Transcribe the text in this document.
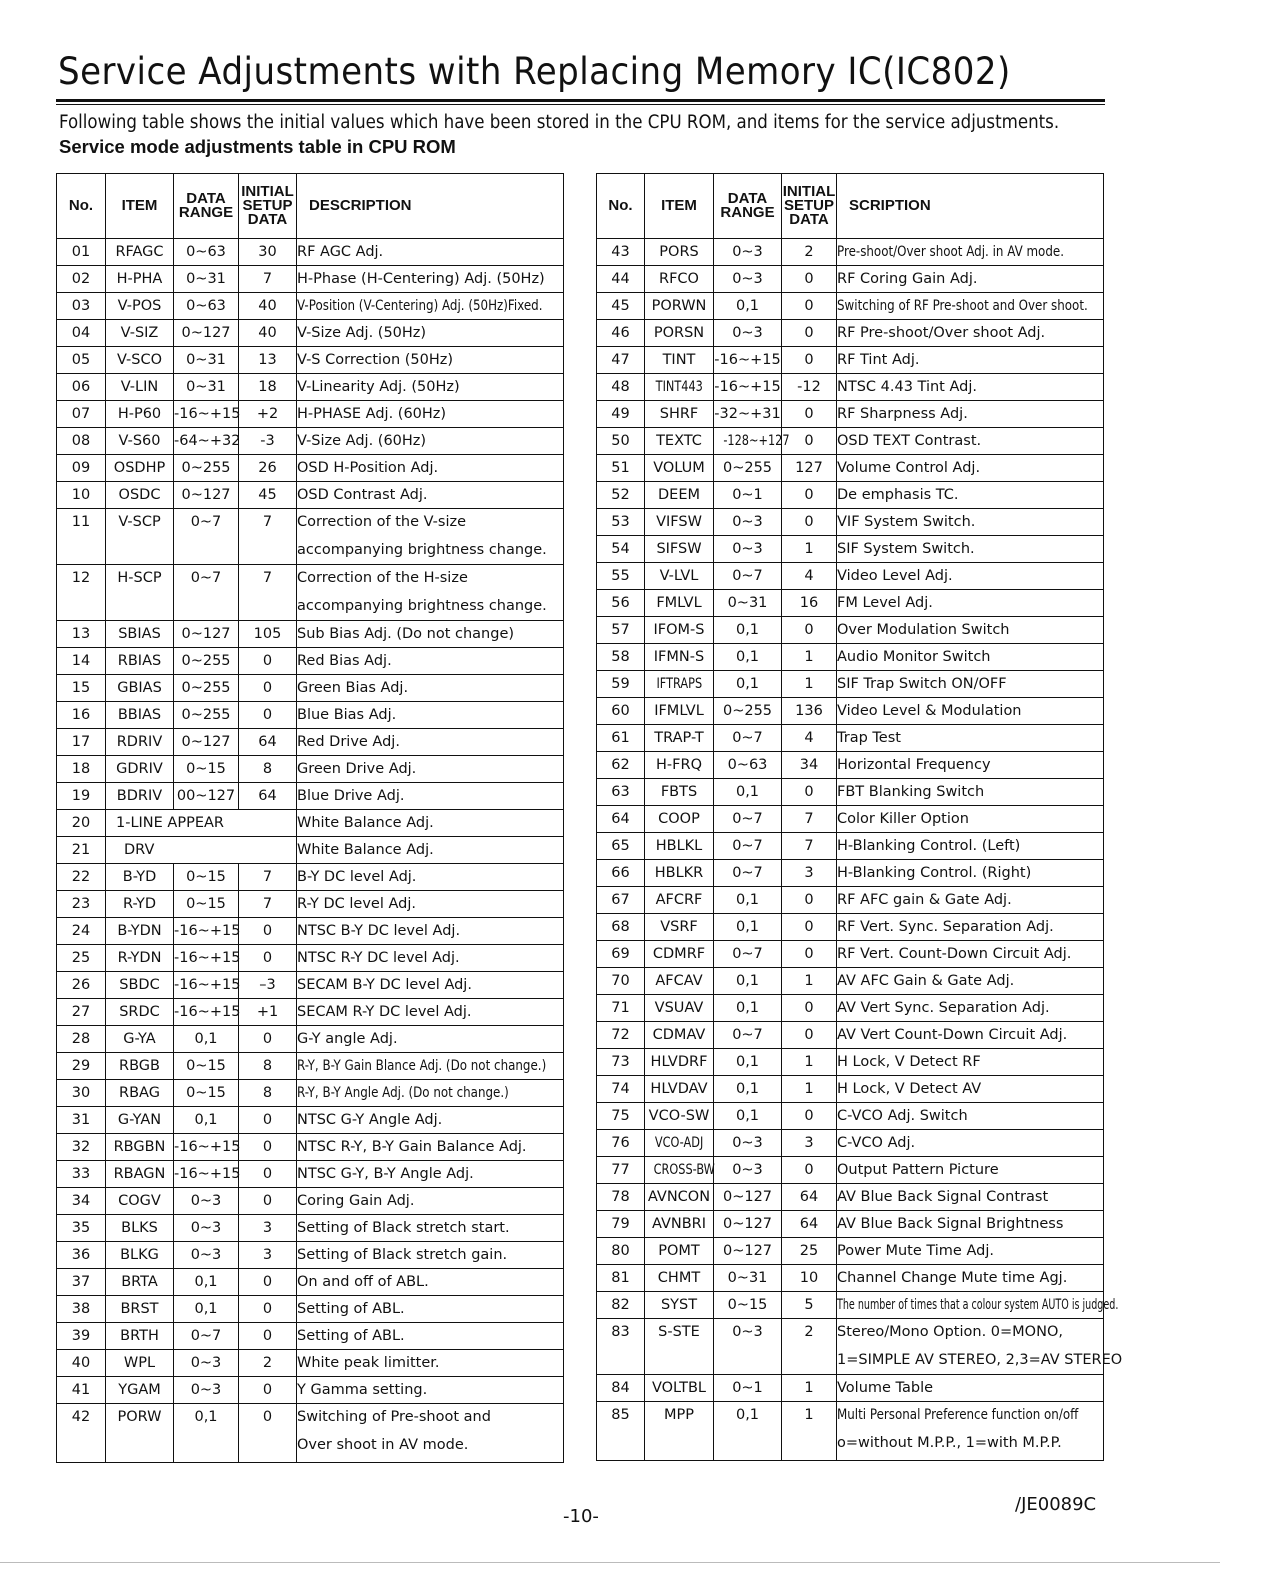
Service Adjustments with Replacing Memory IC(IC802)
Following table shows the initial values which have been stored in the CPU ROM, and items for the service adjustments.
Service mode adjustments table in CPU ROM
No.	ITEM	DATA RANGE	INITIAL SETUP DATA	DESCRIPTION
01	RFAGC	0~63	30	RF AGC Adj.

02	H-PHA	0~31	7	H-Phase (H-Centering) Adj. (50Hz)

03	V-POS	0~63	40	V-Position (V-Centering) Adj. (50Hz)Fixed.

04	V-SIZ	0~127	40	V-Size Adj. (50Hz)

05	V-SCO	0~31	13	V-S Correction (50Hz)

06	V-LIN	0~31	18	V-Linearity Adj. (50Hz)

07	H-P60	-16~+15	+2	H-PHASE Adj. (60Hz)

08	V-S60	-64~+32	-3	V-Size Adj. (60Hz)

09	OSDHP	0~255	26	OSD H-Position Adj.

10	OSDC	0~127	45	OSD Contrast Adj.

11	V-SCP	0~7	7	Correction of the V-size
accompanying brightness change.

12	H-SCP	0~7	7	Correction of the H-size
accompanying brightness change.

13	SBIAS	0~127	105	Sub Bias Adj. (Do not change)

14	RBIAS	0~255	0	Red Bias Adj.

15	GBIAS	0~255	0	Green Bias Adj.

16	BBIAS	0~255	0	Blue Bias Adj.

17	RDRIV	0~127	64	Red Drive Adj.

18	GDRIV	0~15	8	Green Drive Adj.

19	BDRIV	00~127	64	Blue Drive Adj.

20	1-LINE APPEAR			White Balance Adj.

21	DRV			White Balance Adj.

22	B-YD	0~15	7	B-Y DC level Adj.

23	R-YD	0~15	7	R-Y DC level Adj.

24	B-YDN	-16~+15	0	NTSC B-Y DC level Adj.

25	R-YDN	-16~+15	0	NTSC R-Y DC level Adj.

26	SBDC	-16~+15	–3	SECAM B-Y DC level Adj.

27	SRDC	-16~+15	+1	SECAM R-Y DC level Adj.

28	G-YA	0,1	0	G-Y angle Adj.

29	RBGB	0~15	8	R-Y, B-Y Gain Blance Adj. (Do not change.)

30	RBAG	0~15	8	R-Y, B-Y Angle Adj. (Do not change.)

31	G-YAN	0,1	0	NTSC G-Y Angle Adj.

32	RBGBN	-16~+15	0	NTSC R-Y, B-Y Gain Balance Adj.

33	RBAGN	-16~+15	0	NTSC G-Y, B-Y Angle Adj.

34	COGV	0~3	0	Coring Gain Adj.

35	BLKS	0~3	3	Setting of Black stretch start.

36	BLKG	0~3	3	Setting of Black stretch gain.

37	BRTA	0,1	0	On and off of ABL.

38	BRST	0,1	0	Setting of ABL.

39	BRTH	0~7	0	Setting of ABL.

40	WPL	0~3	2	White peak limitter.

41	YGAM	0~3	0	Y Gamma setting.

42	PORW	0,1	0	Switching of Pre-shoot and
Over shoot in AV mode.
No.	ITEM	DATA RANGE	INITIAL SETUP DATA	SCRIPTION
43	PORS	0~3	2	Pre-shoot/Over shoot Adj. in AV mode.

44	RFCO	0~3	0	RF Coring Gain Adj.

45	PORWN	0,1	0	Switching of RF Pre-shoot and Over shoot.

46	PORSN	0~3	0	RF Pre-shoot/Over shoot Adj.

47	TINT	-16~+15	0	RF Tint Adj.

48	TINT443	-16~+15	-12	NTSC 4.43 Tint Adj.

49	SHRF	-32~+31	0	RF Sharpness Adj.

50	TEXTC	-128~+127	0	OSD TEXT Contrast.

51	VOLUM	0~255	127	Volume Control Adj.

52	DEEM	0~1	0	De emphasis TC.

53	VIFSW	0~3	0	VIF System Switch.

54	SIFSW	0~3	1	SIF System Switch.

55	V-LVL	0~7	4	Video Level Adj.

56	FMLVL	0~31	16	FM Level Adj.

57	IFOM-S	0,1	0	Over Modulation Switch

58	IFMN-S	0,1	1	Audio Monitor Switch

59	IFTRAPS	0,1	1	SIF Trap Switch ON/OFF

60	IFMLVL	0~255	136	Video Level & Modulation

61	TRAP-T	0~7	4	Trap Test

62	H-FRQ	0~63	34	Horizontal Frequency

63	FBTS	0,1	0	FBT Blanking Switch

64	COOP	0~7	7	Color Killer Option

65	HBLKL	0~7	7	H-Blanking Control. (Left)

66	HBLKR	0~7	3	H-Blanking Control. (Right)

67	AFCRF	0,1	0	RF AFC gain & Gate Adj.

68	VSRF	0,1	0	RF Vert. Sync. Separation Adj.

69	CDMRF	0~7	0	RF Vert. Count-Down Circuit Adj.

70	AFCAV	0,1	1	AV AFC Gain & Gate Adj.

71	VSUAV	0,1	0	AV Vert Sync. Separation Adj.

72	CDMAV	0~7	0	AV Vert Count-Down Circuit Adj.

73	HLVDRF	0,1	1	H Lock, V Detect RF

74	HLVDAV	0,1	1	H Lock, V Detect AV

75	VCO-SW	0,1	0	C-VCO Adj. Switch

76	VCO-ADJ	0~3	3	C-VCO Adj.

77	CROSS-BW	0~3	0	Output Pattern Picture

78	AVNCON	0~127	64	AV Blue Back Signal Contrast

79	AVNBRI	0~127	64	AV Blue Back Signal Brightness

80	POMT	0~127	25	Power Mute Time Adj.

81	CHMT	0~31	10	Channel Change Mute time Agj.

82	SYST	0~15	5	The number of times that a colour system AUTO is judged.

83	S-STE	0~3	2	Stereo/Mono Option. 0=MONO,
1=SIMPLE AV STEREO, 2,3=AV STEREO

84	VOLTBL	0~1	1	Volume Table

85	MPP	0,1	1	Multi Personal Preference function on/off
o=without M.P.P., 1=with M.P.P.
-10-
/JE0089C
